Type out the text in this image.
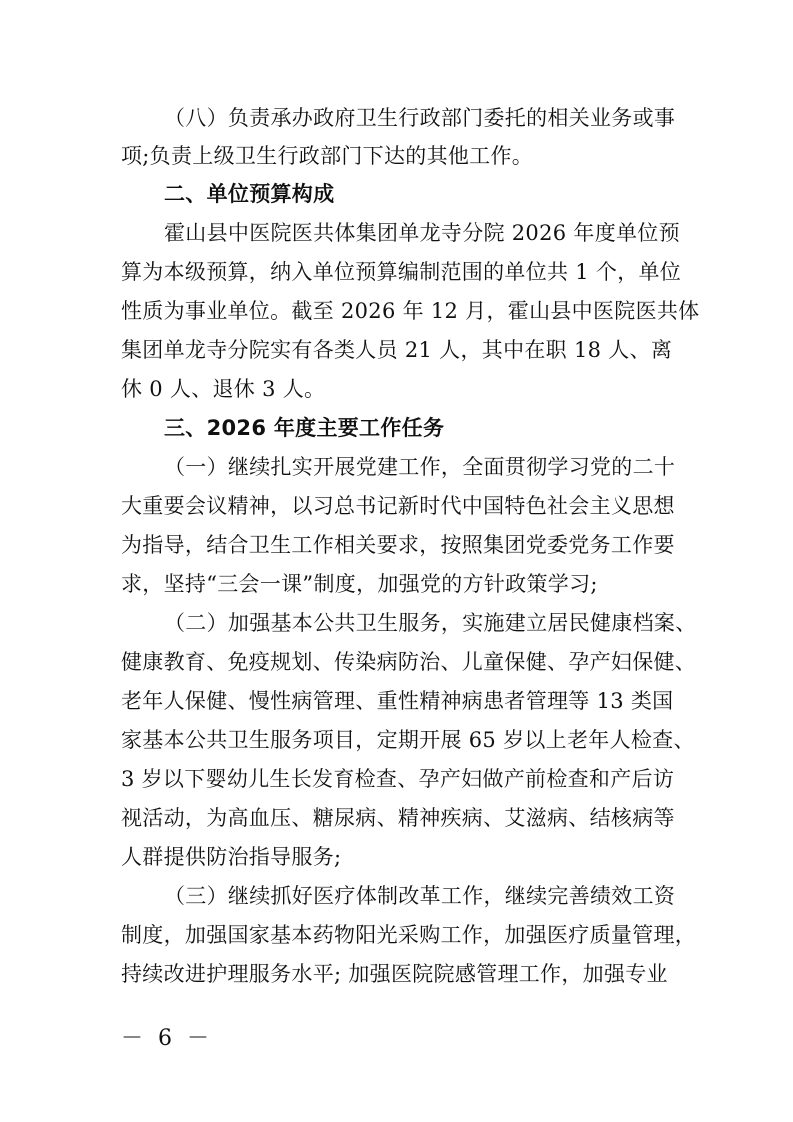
（八）负责承办政府卫生行政部门委托的相关业务或事
项;负责上级卫生行政部门下达的其他工作。
二、单位预算构成
霍山县中医院医共体集团单龙寺分院 2026 年度单位预
算为本级预算，纳入单位预算编制范围的单位共 1 个，单位
性质为事业单位。截至 2026 年 12 月，霍山县中医院医共体
集团单龙寺分院实有各类人员 21 人，其中在职 18 人、离
休 0 人、退休 3 人。
三、2026 年度主要工作任务
（一）继续扎实开展党建工作，全面贯彻学习党的二十
大重要会议精神，以习总书记新时代中国特色社会主义思想
为指导，结合卫生工作相关要求，按照集团党委党务工作要
求，坚持“三会一课”制度，加强党的方针政策学习;
（二）加强基本公共卫生服务，实施建立居民健康档案、
健康教育、免疫规划、传染病防治、儿童保健、孕产妇保健、
老年人保健、慢性病管理、重性精神病患者管理等 13 类国
家基本公共卫生服务项目，定期开展 65 岁以上老年人检查、
3 岁以下婴幼儿生长发育检查、孕产妇做产前检查和产后访
视活动，为高血压、糖尿病、精神疾病、艾滋病、结核病等
人群提供防治指导服务;
（三）继续抓好医疗体制改革工作，继续完善绩效工资
制度，加强国家基本药物阳光采购工作，加强医疗质量管理，
持续改进护理服务水平; 加强医院院感管理工作，加强专业
－ 6 －
